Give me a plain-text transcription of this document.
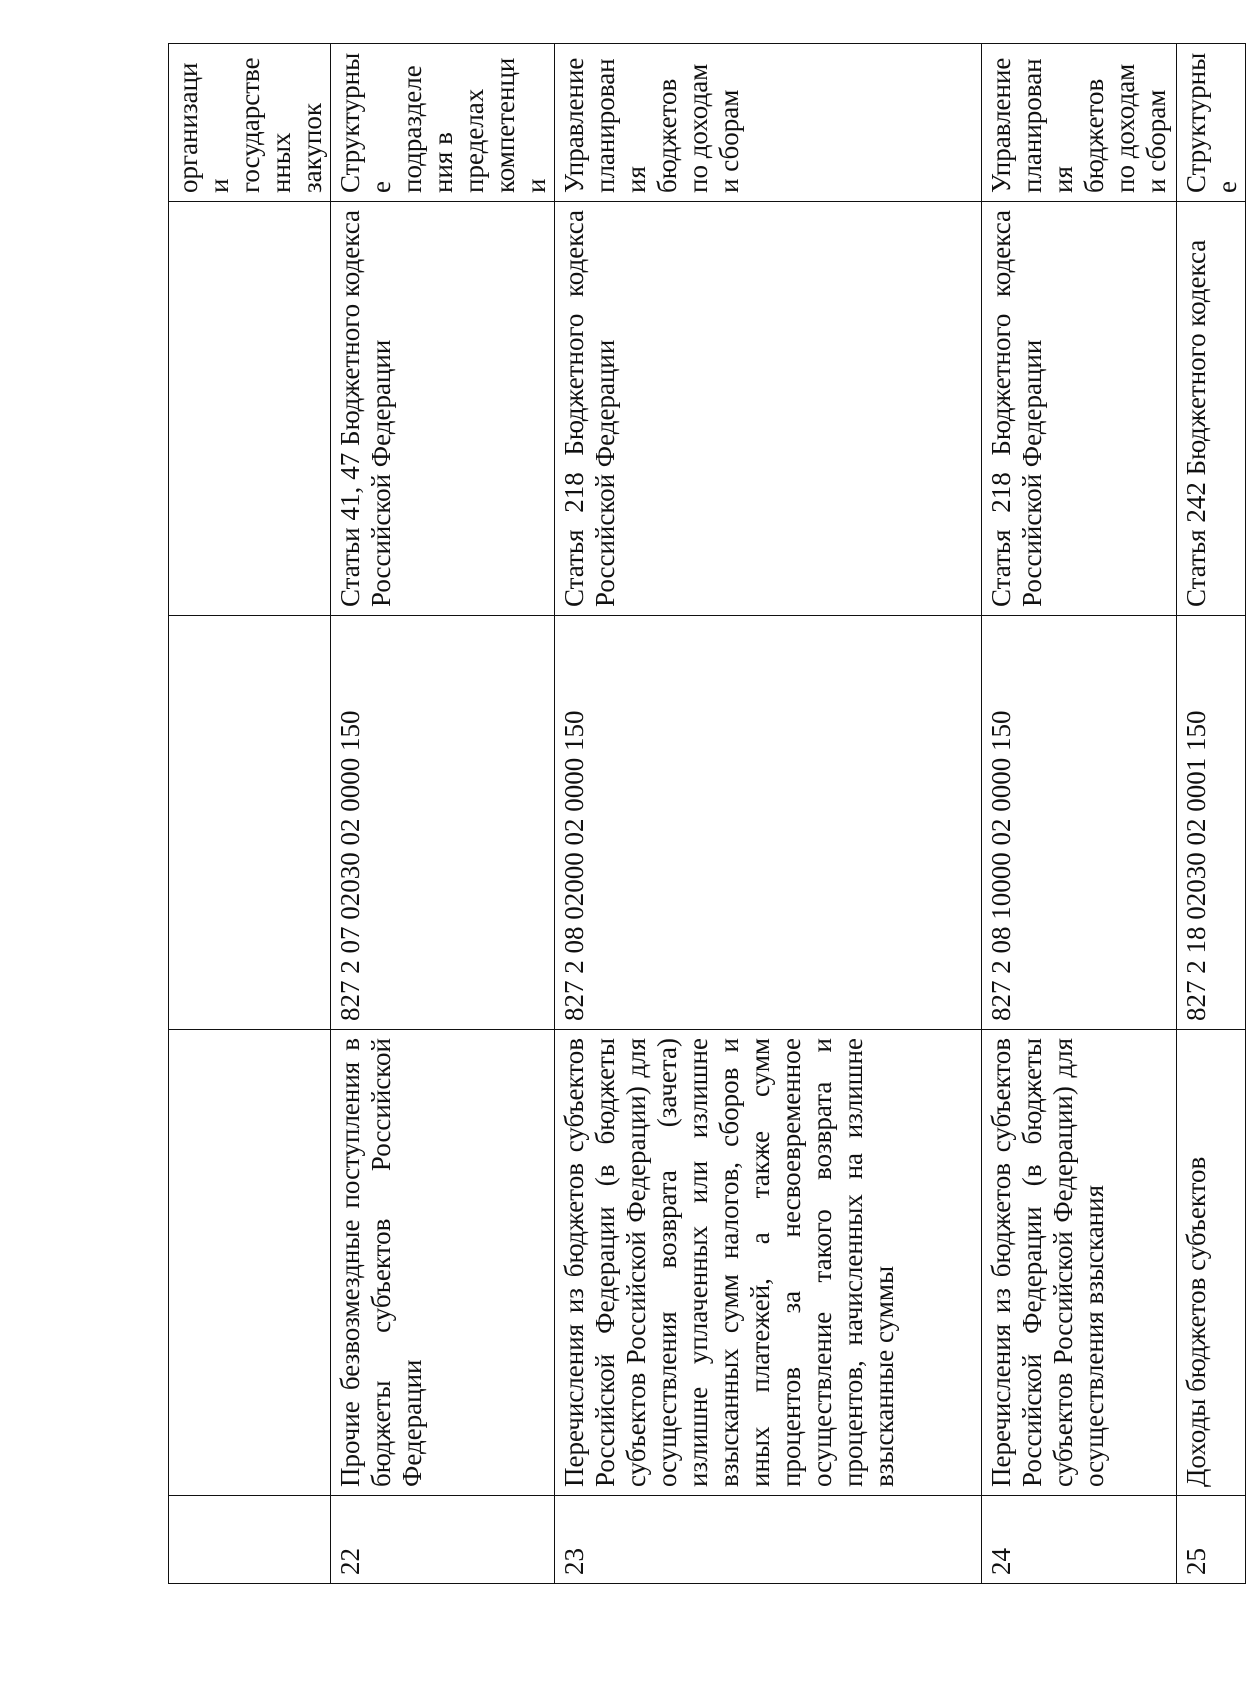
				организации государственных закупок
22	Прочие безвозмездные поступления в бюджеты субъектов Российской Федерации	827 2 07 02030 02 0000 150	Статьи 41, 47 Бюджетного кодекса Российской Федерации	Структурные подразделения в пределах компетенции
23	Перечисления из бюджетов субъектов Российской Федерации (в бюджеты субъектов Российской Федерации) для осуществления возврата (зачета) излишне уплаченных или излишне взысканных сумм налогов, сборов и иных платежей, а также сумм процентов за несвоевременное осуществление такого возврата и процентов, начисленных на излишне взысканные суммы	827 2 08 02000 02 0000 150	Статья 218 Бюджетного кодекса Российской Федерации	Управление планирования бюджетов по доходам и сборам
24	Перечисления из бюджетов субъектов Российской Федерации (в бюджеты субъектов Российской Федерации) для осуществления взыскания	827 2 08 10000 02 0000 150	Статья 218 Бюджетного кодекса Российской Федерации	Управление планирования бюджетов по доходам и сборам
25	Доходы бюджетов субъектов	827 2 18 02030 02 0001 150	Статья 242 Бюджетного кодекса	Структурные
